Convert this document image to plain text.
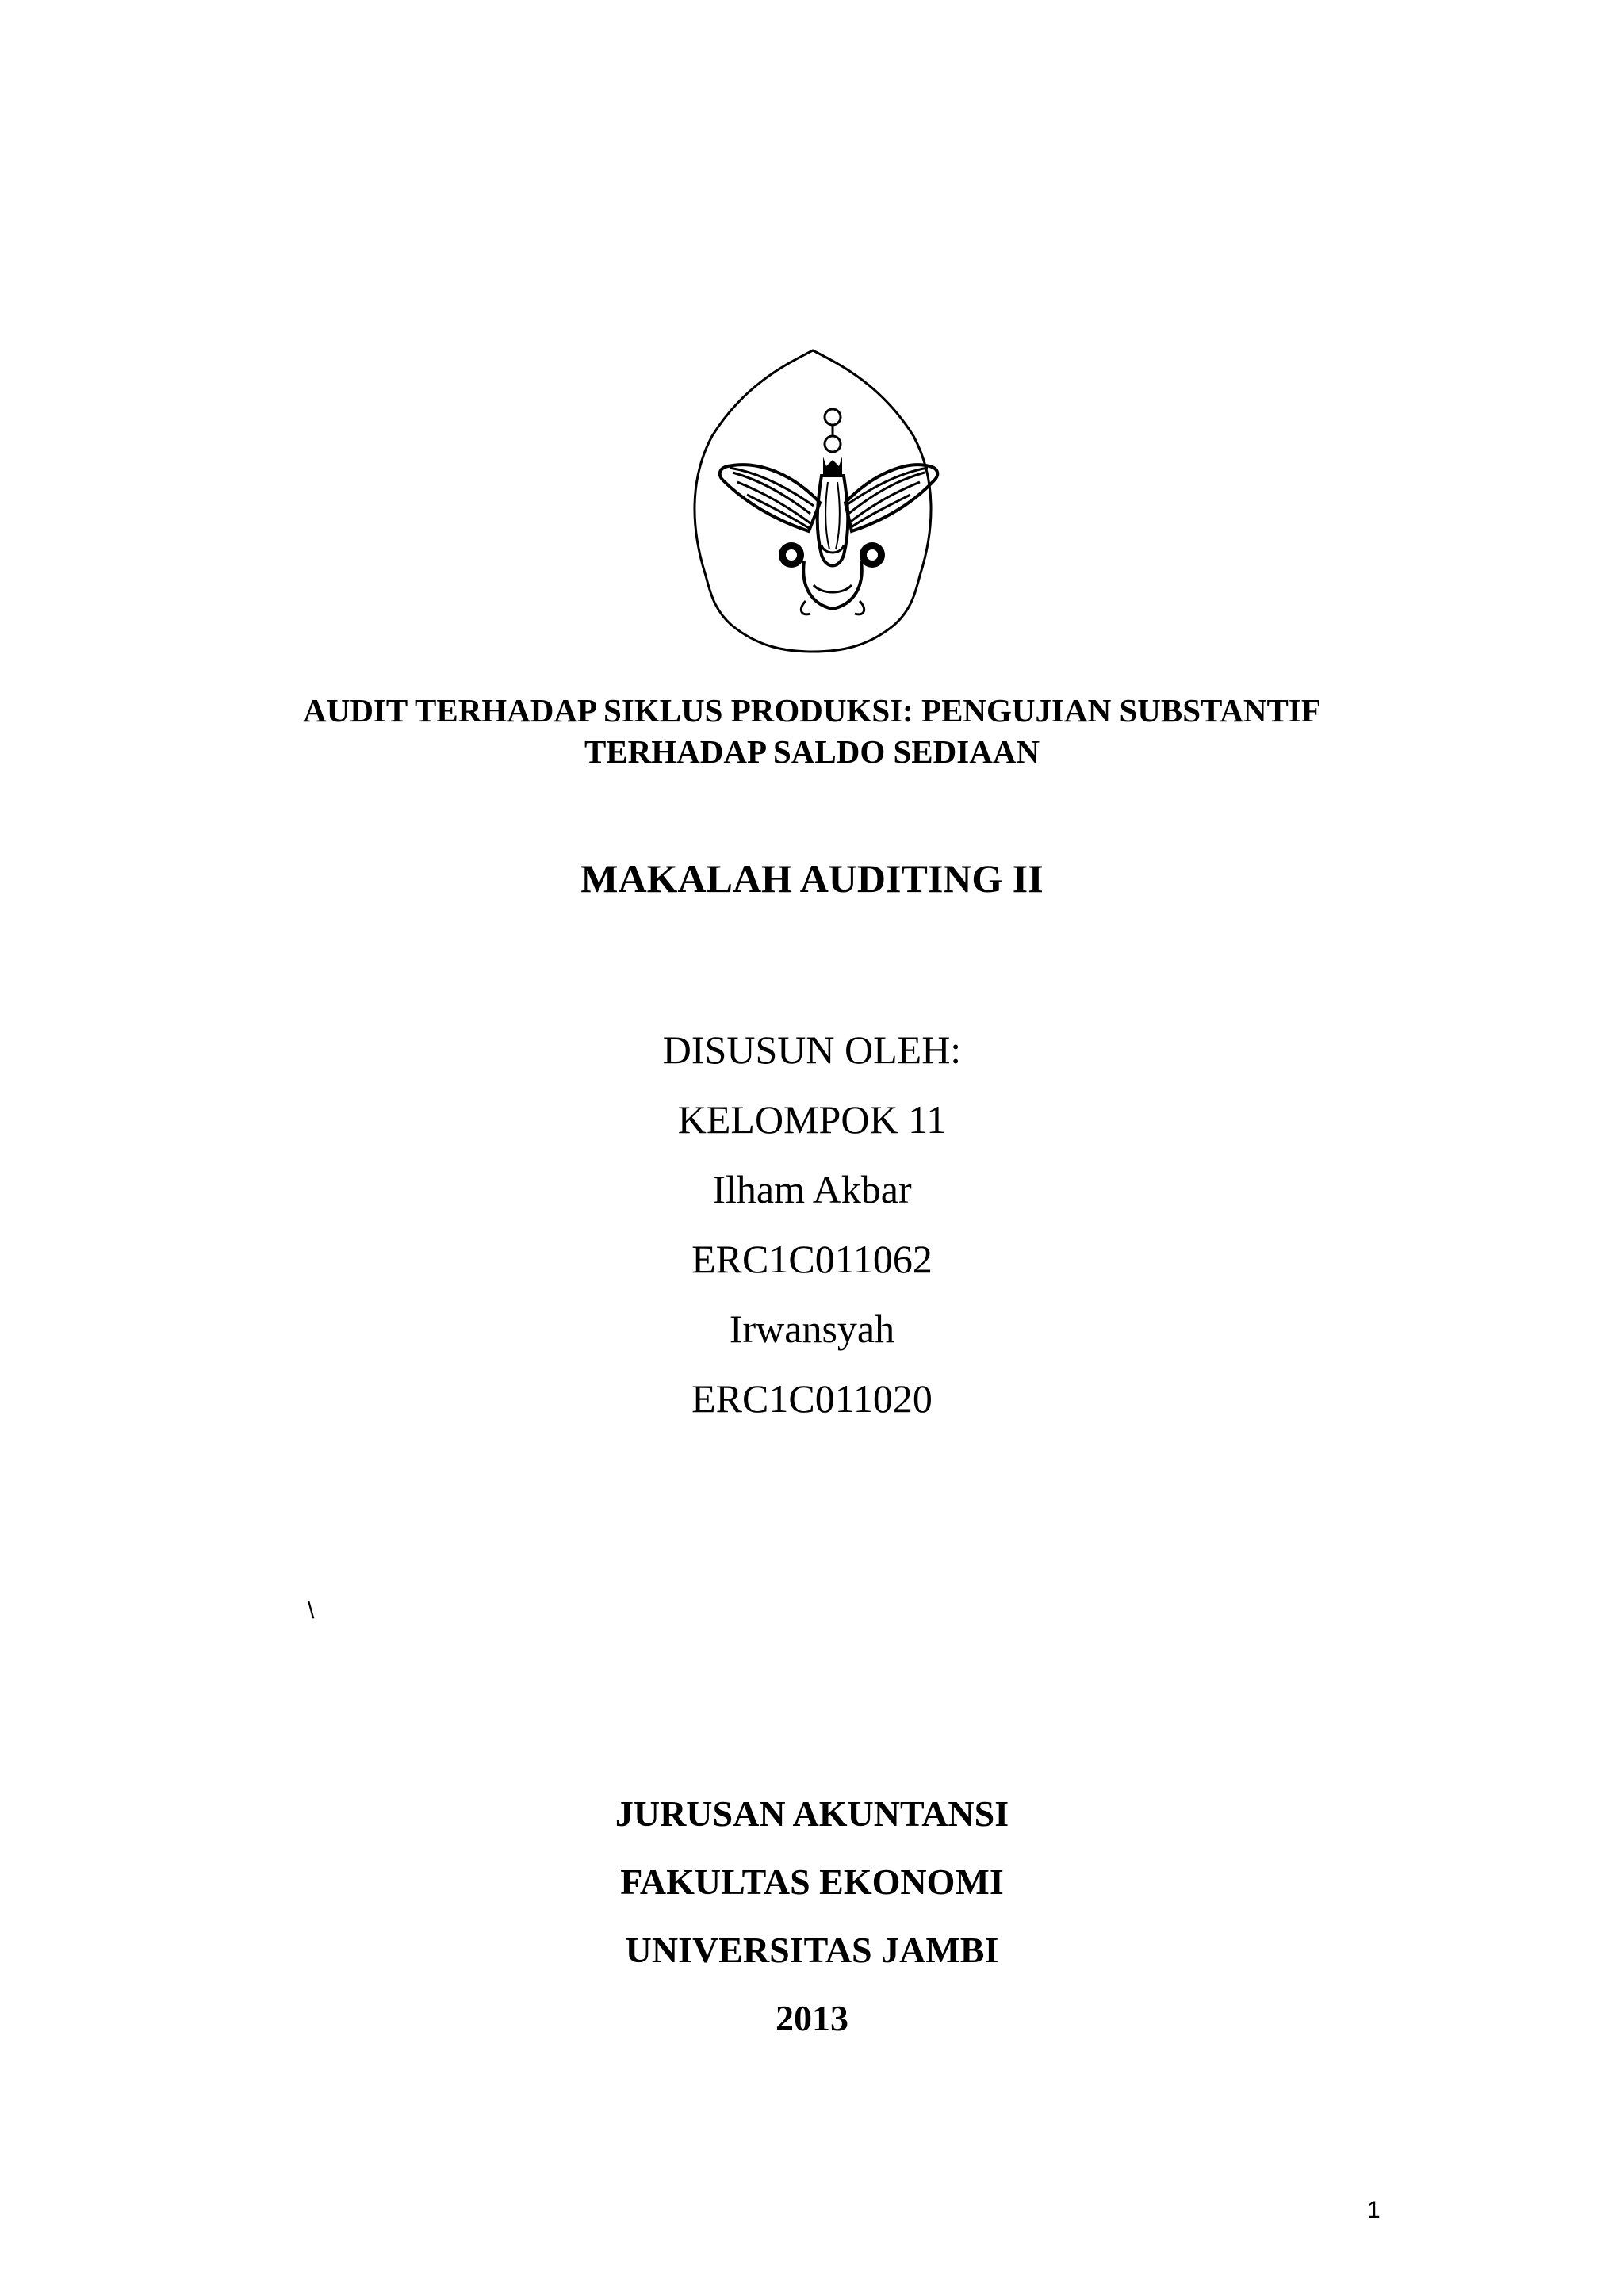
AUDIT TERHADAP SIKLUS PRODUKSI: PENGUJIAN SUBSTANTIF
TERHADAP SALDO SEDIAAN
MAKALAH AUDITING II
DISUSUN OLEH:
KELOMPOK 11
Ilham Akbar
ERC1C011062
Irwansyah
ERC1C011020
\
JURUSAN AKUNTANSI
FAKULTAS EKONOMI
UNIVERSITAS JAMBI
2013
1
